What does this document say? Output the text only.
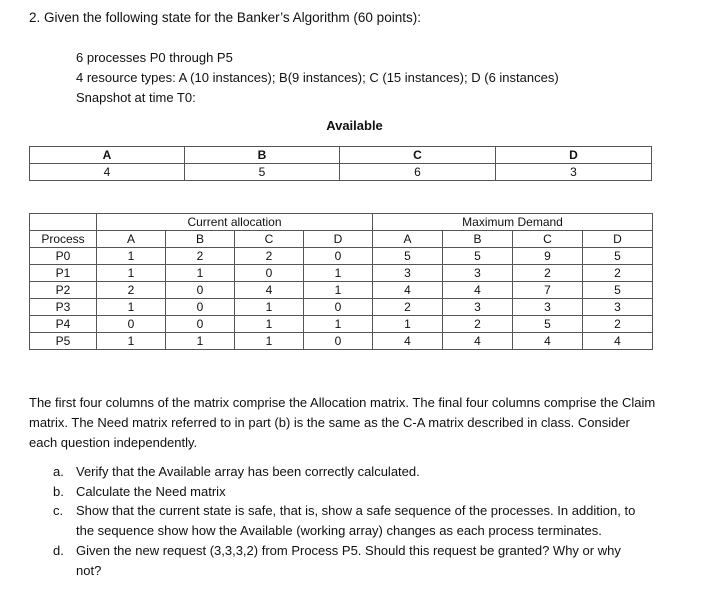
2. Given the following state for the Banker’s Algorithm (60 points):
6 processes P0 through P5
4 resource types: A (10 instances); B(9 instances); C (15 instances); D (6 instances)
Snapshot at time T0:
Available
A	B	C	D
4	5	6	3
	Current allocation				Maximum Demand			
Process	A	B	C	D	A	B	C	D
P0	1	2	2	0	5	5	9	5
P1	1	1	0	1	3	3	2	2
P2	2	0	4	1	4	4	7	5
P3	1	0	1	0	2	3	3	3
P4	0	0	1	1	1	2	5	2
P5	1	1	1	0	4	4	4	4
The first four columns of the matrix comprise the Allocation matrix. The final four columns comprise the Claim matrix. The Need matrix referred to in part (b) is the same as the C-A matrix described in class. Consider each question independently.
a. Verify that the Available array has been correctly calculated.
b. Calculate the Need matrix
c. Show that the current state is safe, that is, show a safe sequence of the processes. In addition, to the sequence show how the Available (working array) changes as each process terminates.
d. Given the new request (3,3,3,2) from Process P5. Should this request be granted? Why or why not?
